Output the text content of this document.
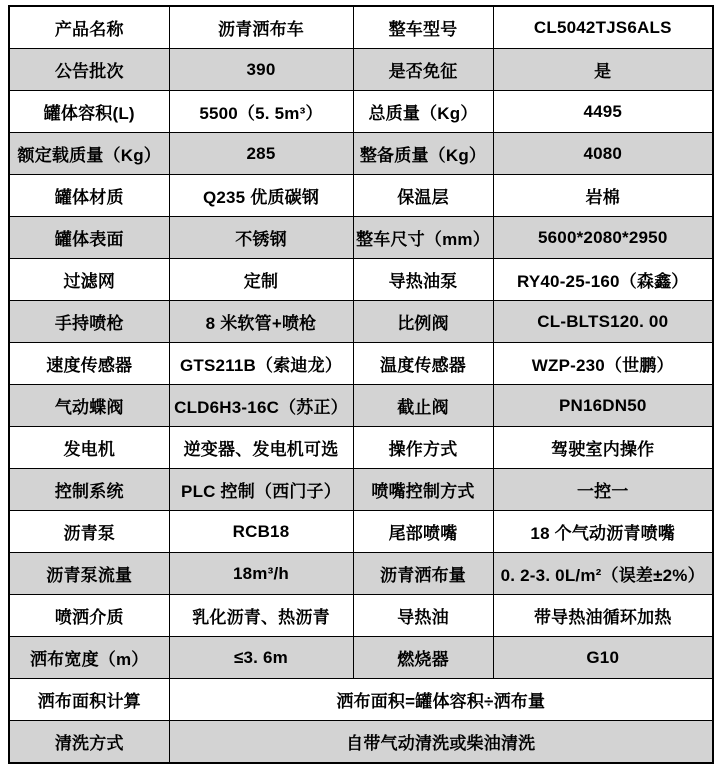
产品名称	沥青洒布车	整车型号	CL5042TJS6ALS
公告批次	390	是否免征	是
罐体容积(L)	5500（5. 5m³）	总质量（Kg）	4495
额定载质量（Kg）	285	整备质量（Kg）	4080
罐体材质	Q235 优质碳钢	保温层	岩棉
罐体表面	不锈钢	整车尺寸（mm）	5600*2080*2950
过滤网	定制	导热油泵	RY40-25-160（森鑫）
手持喷枪	8 米软管+喷枪	比例阀	CL-BLTS120. 00
速度传感器	GTS211B（索迪龙）	温度传感器	WZP-230（世鹏）
气动蝶阀	CLD6H3-16C（苏正）	截止阀	PN16DN50
发电机	逆变器、发电机可选	操作方式	驾驶室内操作
控制系统	PLC 控制（西门子）	喷嘴控制方式	一控一
沥青泵	RCB18	尾部喷嘴	18 个气动沥青喷嘴
沥青泵流量	18m³/h	沥青洒布量	0. 2-3. 0L/m²（误差±2%）
喷洒介质	乳化沥青、热沥青	导热油	带导热油循环加热
洒布宽度（m）	≤3. 6m	燃烧器	G10
洒布面积计算	洒布面积=罐体容积÷洒布量		
清洗方式	自带气动清洗或柴油清洗		
